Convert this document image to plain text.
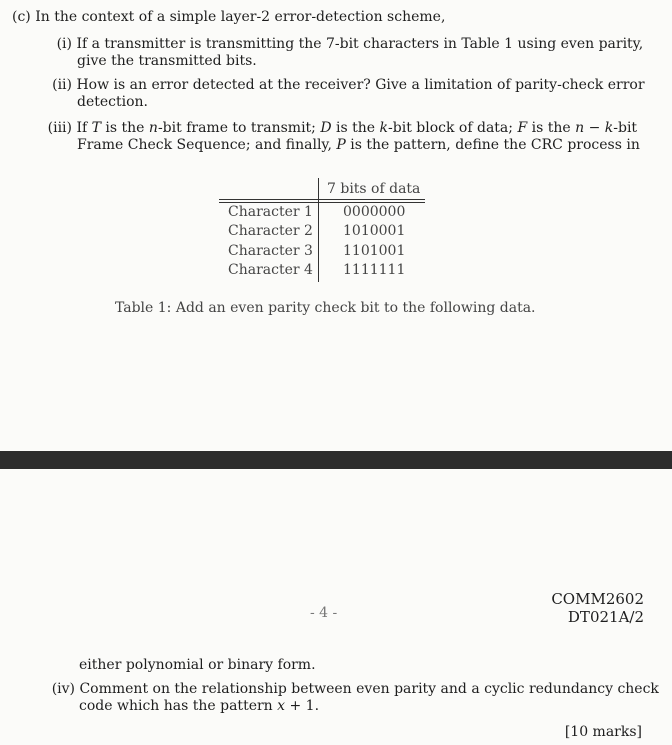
(c) In the context of a simple layer-2 error-detection scheme,
(i) If a transmitter is transmitting the 7-bit characters in Table 1 using even parity,
give the transmitted bits.
(ii) How is an error detected at the receiver? Give a limitation of parity-check error
detection.
(iii) If T is the n-bit frame to transmit; D is the k-bit block of data; F is the n − k-bit
Frame Check Sequence; and finally, P is the pattern, define the CRC process in
7 bits of data
Character 1 0000000
Character 2 1010001
Character 3 1101001
Character 4 1111111
Table 1: Add an even parity check bit to the following data.
- 4 -
COMM2602
DT021A/2
either polynomial or binary form.
(iv) Comment on the relationship between even parity and a cyclic redundancy check
code which has the pattern x + 1.
[10 marks]
